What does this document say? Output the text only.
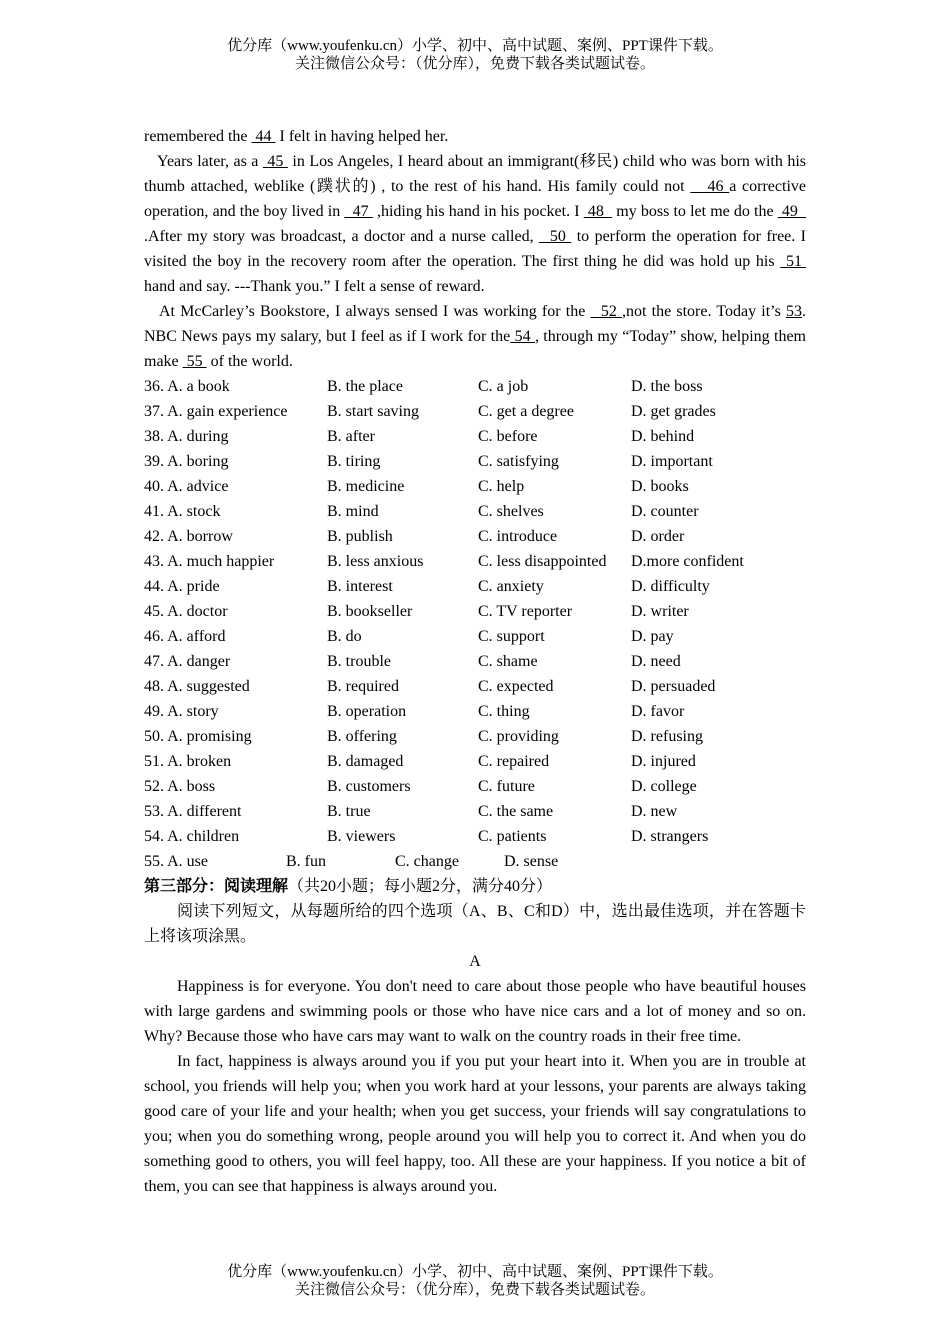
优分库（www.youfenku.cn）小学、初中、高中试题、案例、PPT课件下载。
关注微信公众号：（优分库），免费下载各类试题试卷。

remembered the  44  I felt in having helped her.

Years later, as a  45  in Los Angeles, I heard about an immigrant(移民) child who was born with his thumb attached, weblike (蹼状的) , to the rest of his hand. His family could not    46 a corrective operation, and the boy lived in   47  ,hiding his hand in his pocket. I  48   my boss to let me do the  49   .After my story was broadcast, a doctor and a nurse called,   50  to perform the operation for free. I visited the boy in the recovery room after the operation. The first thing he did was hold up his  51  hand and say. ---Thank you.” I felt a sense of reward.

At McCarley’s Bookstore, I always sensed I was working for the   52 ,not the store. Today it’s 53. NBC News pays my salary, but I feel as if I work for the 54 , through my “Today” show, helping them make  55  of the world.

36. A. a book	B. the place	C. a job	D. the boss
37. A. gain experience B. start saving	C. get a degree	D. get grades
38. A. during	B. after	C. before	D. behind
39. A. boring	B. tiring	C. satisfying	D. important
40. A. advice	B. medicine	C. help	D. books
41. A. stock	B. mind	C. shelves	D. counter
42. A. borrow	B. publish	C. introduce	D. order
43. A. much happier	B. less anxious	C. less disappointed D.more confident
44. A. pride	B. interest	C. anxiety	D. difficulty
45. A. doctor	B. bookseller	C. TV reporter	D. writer
46. A. afford	B. do	C. support	D. pay
47. A. danger	B. trouble	C. shame	D. need
48. A. suggested	B. required	C. expected	D. persuaded
49. A. story	B. operation	C. thing	D. favor
50. A. promising	B. offering	C. providing	D. refusing
51. A. broken	B. damaged	C. repaired	D. injured
52. A. boss	B. customers	C. future	D. college
53. A. different	B. true	C. the same	D. new
54. A. children	B. viewers	C. patients	D. strangers
55. A. use	B. fun	C. change	D. sense

第三部分：阅读理解（共20小题；每小题2分，满分40分）

阅读下列短文，从每题所给的四个选项（A、B、C和D）中，选出最佳选项，并在答题卡上将该项涂黑。

A

Happiness is for everyone. You don't need to care about those people who have beautiful houses with large gardens and swimming pools or those who have nice cars and a lot of money and so on. Why? Because those who have cars may want to walk on the country roads in their free time.

In fact, happiness is always around you if you put your heart into it. When you are in trouble at school, you friends will help you; when you work hard at your lessons, your parents are always taking good care of your life and your health; when you get success, your friends will say congratulations to you; when you do something wrong, people around you will help you to correct it. And when you do something good to others, you will feel happy, too. All these are your happiness. If you notice a bit of them, you can see that happiness is always around you.

优分库（www.youfenku.cn）小学、初中、高中试题、案例、PPT课件下载。
关注微信公众号：（优分库），免费下载各类试题试卷。
